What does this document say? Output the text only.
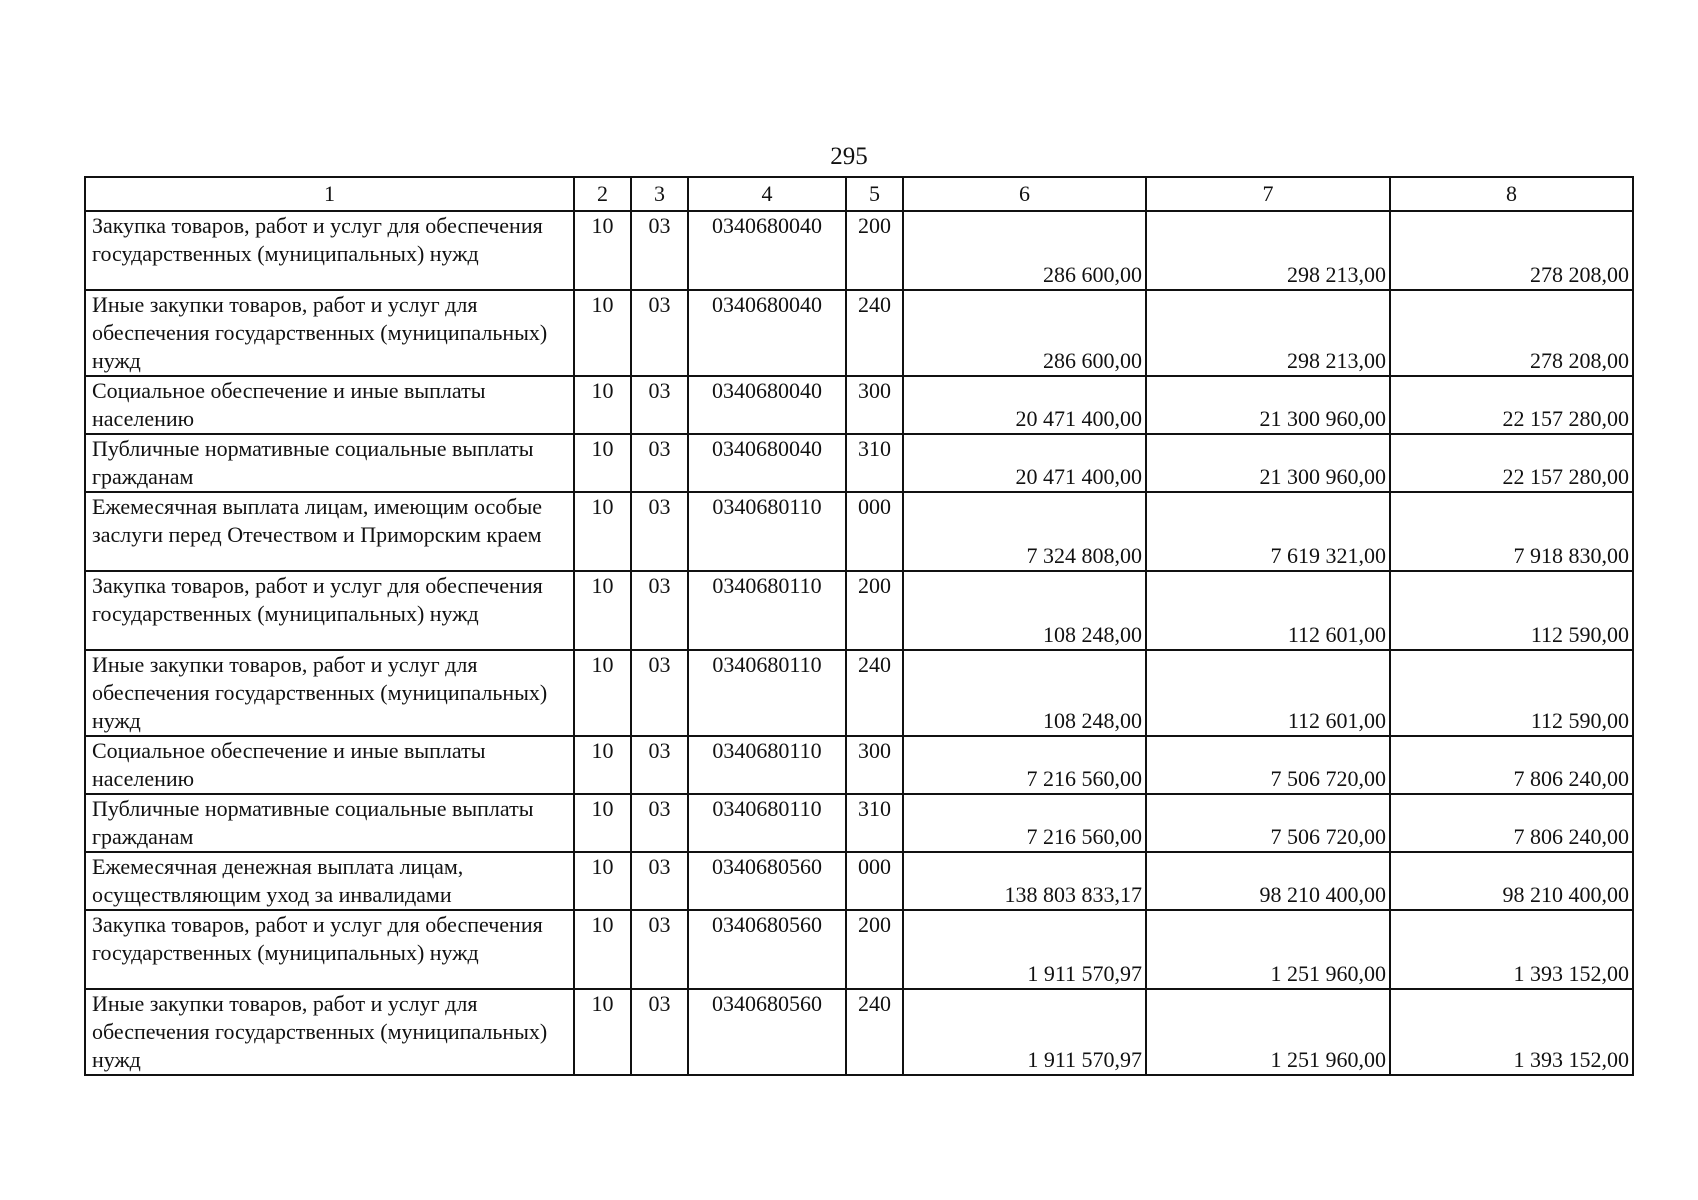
295
1	2	3	4	5	6	7	8
Закупка товаров, работ и услуг для обеспечения государственных (муниципальных) нужд	10	03	0340680040	200	286 600,00	298 213,00	278 208,00
Иные закупки товаров, работ и услуг для обеспечения государственных (муниципальных) нужд	10	03	0340680040	240	286 600,00	298 213,00	278 208,00
Социальное обеспечение и иные выплаты населению	10	03	0340680040	300	20 471 400,00	21 300 960,00	22 157 280,00
Публичные нормативные социальные выплаты гражданам	10	03	0340680040	310	20 471 400,00	21 300 960,00	22 157 280,00
Ежемесячная выплата лицам, имеющим особые заслуги перед Отечеством и Приморским краем	10	03	0340680110	000	7 324 808,00	7 619 321,00	7 918 830,00
Закупка товаров, работ и услуг для обеспечения государственных (муниципальных) нужд	10	03	0340680110	200	108 248,00	112 601,00	112 590,00
Иные закупки товаров, работ и услуг для обеспечения государственных (муниципальных) нужд	10	03	0340680110	240	108 248,00	112 601,00	112 590,00
Социальное обеспечение и иные выплаты населению	10	03	0340680110	300	7 216 560,00	7 506 720,00	7 806 240,00
Публичные нормативные социальные выплаты гражданам	10	03	0340680110	310	7 216 560,00	7 506 720,00	7 806 240,00
Ежемесячная денежная выплата лицам, осуществляющим уход за инвалидами	10	03	0340680560	000	138 803 833,17	98 210 400,00	98 210 400,00
Закупка товаров, работ и услуг для обеспечения государственных (муниципальных) нужд	10	03	0340680560	200	1 911 570,97	1 251 960,00	1 393 152,00
Иные закупки товаров, работ и услуг для обеспечения государственных (муниципальных) нужд	10	03	0340680560	240	1 911 570,97	1 251 960,00	1 393 152,00
